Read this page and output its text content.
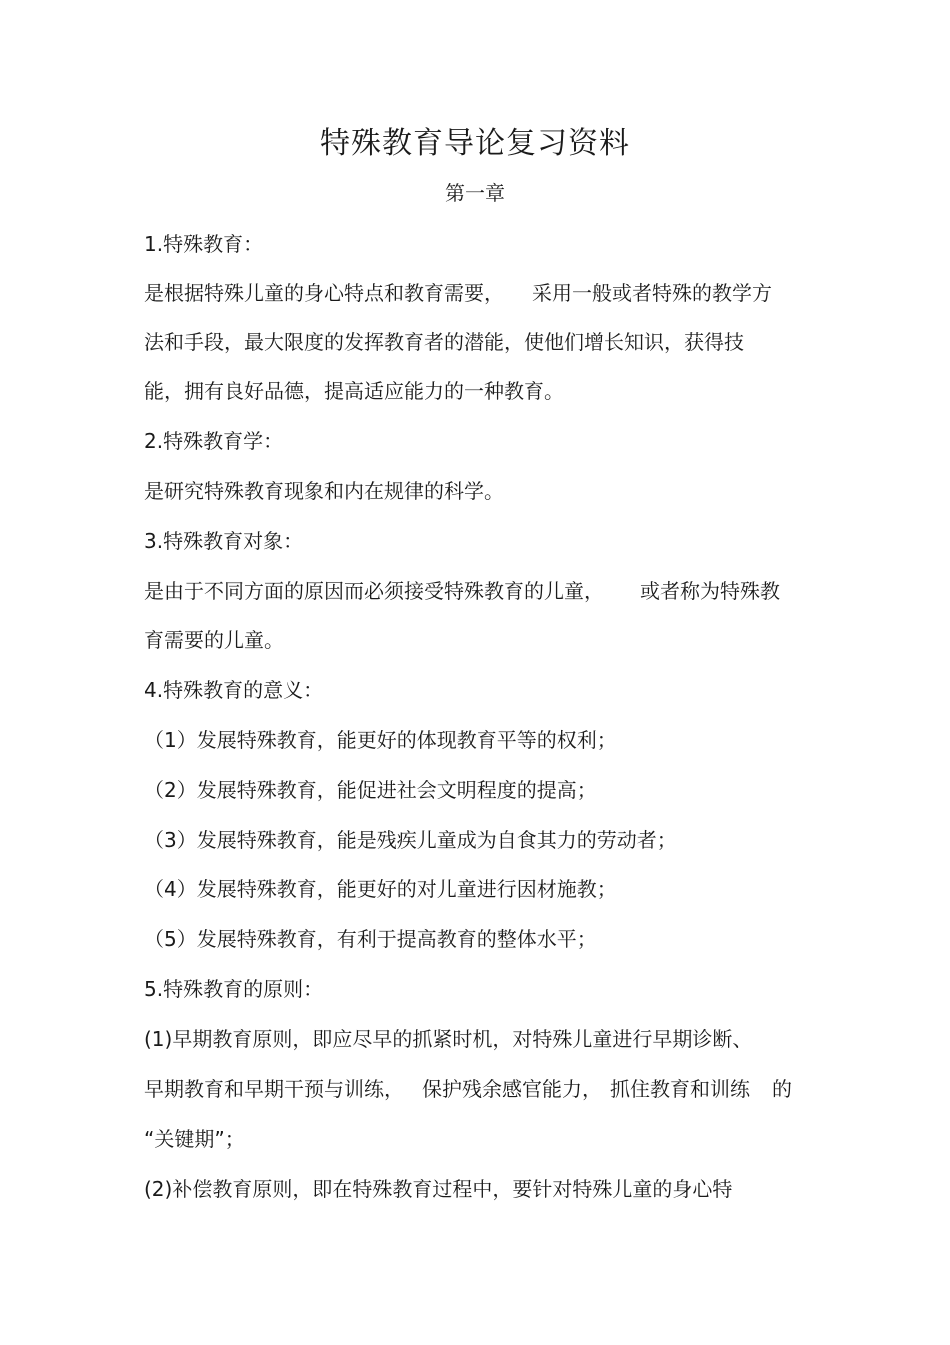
特殊教育导论复习资料
第一章
1.特殊教育：
是根据特殊儿童的身心特点和教育需要， 采用一般或者特殊的教学方
法和手段，最大限度的发挥教育者的潜能，使他们增长知识，获得技
能，拥有良好品德，提高适应能力的一种教育。
2.特殊教育学：
是研究特殊教育现象和内在规律的科学。
3.特殊教育对象：
是由于不同方面的原因而必须接受特殊教育的儿童， 或者称为特殊教
育需要的儿童。
4.特殊教育的意义：
（1）发展特殊教育，能更好的体现教育平等的权利；
（2）发展特殊教育，能促进社会文明程度的提高；
（3）发展特殊教育，能是残疾儿童成为自食其力的劳动者；
（4）发展特殊教育，能更好的对儿童进行因材施教；
（5）发展特殊教育，有利于提高教育的整体水平；
5.特殊教育的原则：
(1)早期教育原则，即应尽早的抓紧时机，对特殊儿童进行早期诊断、
早期教育和早期干预与训练， 保护残余感官能力， 抓住教育和训练 的
“关键期”；
(2)补偿教育原则，即在特殊教育过程中，要针对特殊儿童的身心特
